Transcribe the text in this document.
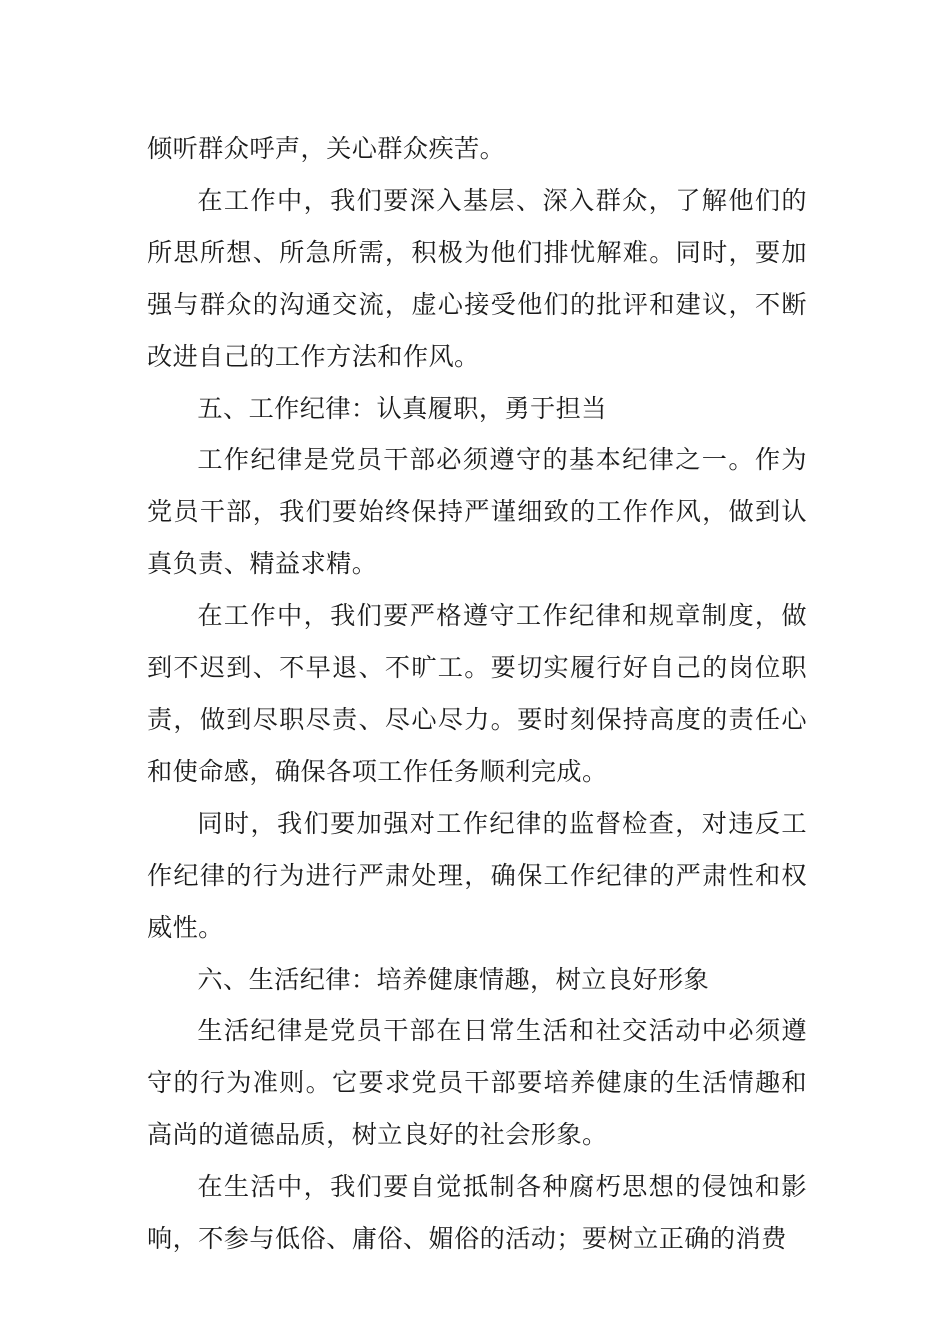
倾听群众呼声，关心群众疾苦。

在工作中，我们要深入基层、深入群众，了解他们的所思所想、所急所需，积极为他们排忧解难。同时，要加强与群众的沟通交流，虚心接受他们的批评和建议，不断改进自己的工作方法和作风。

五、工作纪律：认真履职，勇于担当

工作纪律是党员干部必须遵守的基本纪律之一。作为党员干部，我们要始终保持严谨细致的工作作风，做到认真负责、精益求精。

在工作中，我们要严格遵守工作纪律和规章制度，做到不迟到、不早退、不旷工。要切实履行好自己的岗位职责，做到尽职尽责、尽心尽力。要时刻保持高度的责任心和使命感，确保各项工作任务顺利完成。

同时，我们要加强对工作纪律的监督检查，对违反工作纪律的行为进行严肃处理，确保工作纪律的严肃性和权威性。

六、生活纪律：培养健康情趣，树立良好形象

生活纪律是党员干部在日常生活和社交活动中必须遵守的行为准则。它要求党员干部要培养健康的生活情趣和高尚的道德品质，树立良好的社会形象。

在生活中，我们要自觉抵制各种腐朽思想的侵蚀和影响，不参与低俗、庸俗、媚俗的活动；要树立正确的消费
